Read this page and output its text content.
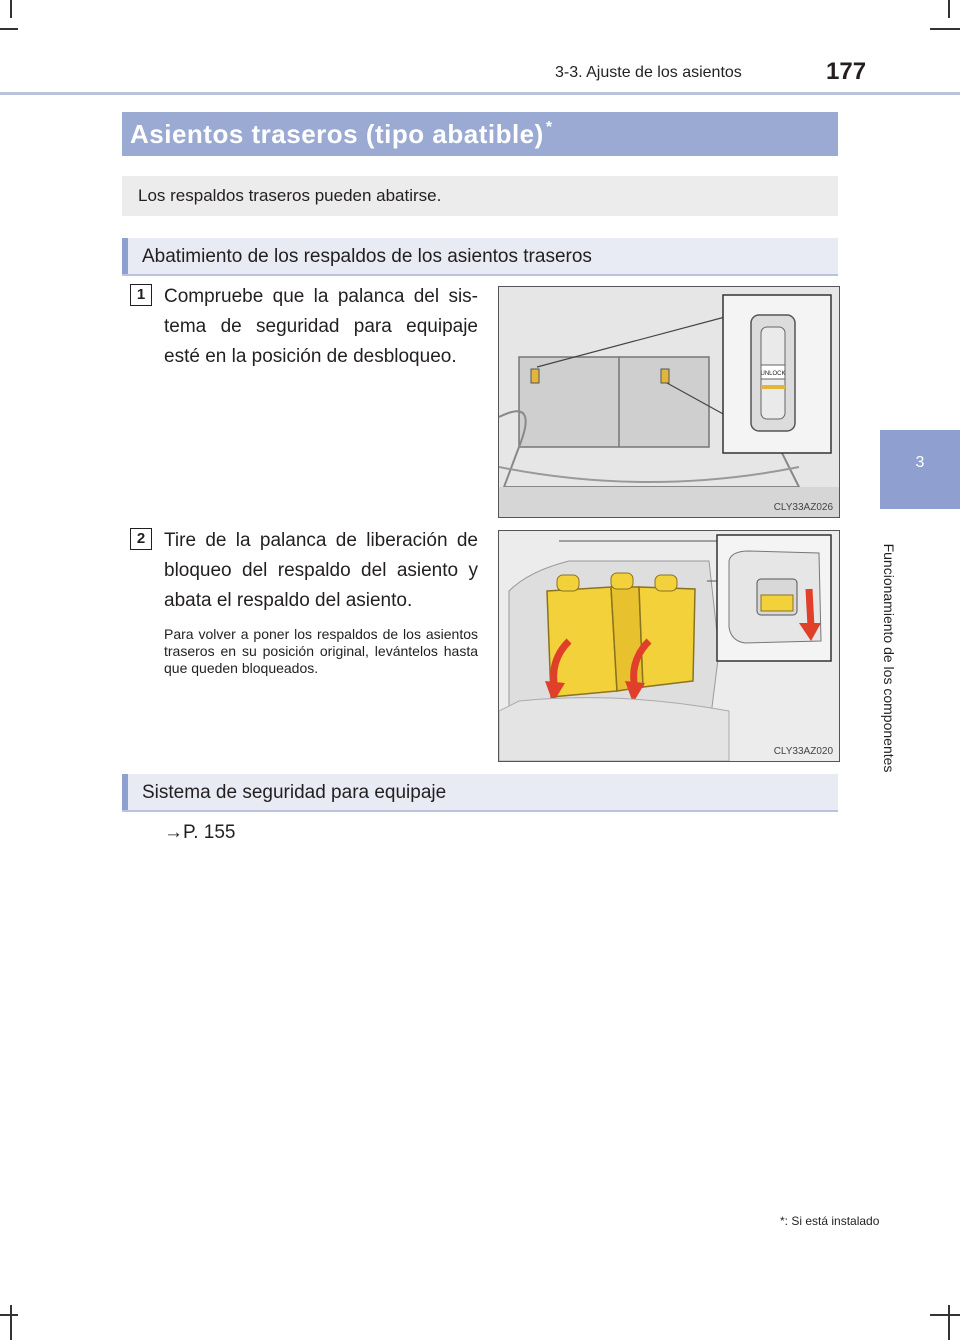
3-3. Ajuste de los asientos	177
3
Funcionamiento de los componentes
Asientos traseros (tipo abatible) *
Los respaldos traseros pueden abatirse.
Abatimiento de los respaldos de los asientos traseros
1 Compruebe que la palanca del sis-tema de seguridad para equipaje esté en la posición de desbloqueo.
UNLOCK
CLY33AZ026
2 Tire de la palanca de liberación de bloqueo del respaldo del asiento y abata el respaldo del asiento.
Para volver a poner los respaldos de los asientos traseros en su posición original, levántelos hasta que queden bloqueados.
CLY33AZ020
Sistema de seguridad para equipaje
→P. 155
*: Si está instalado
